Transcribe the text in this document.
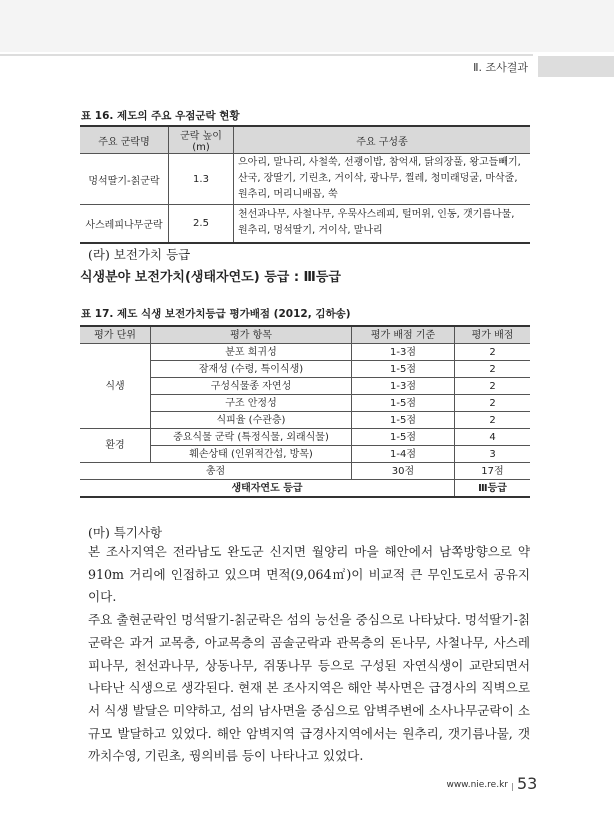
Ⅱ. 조사결과
표 16. 제도의 주요 우점군락 현황
주요 군락명	군락 높이(m)	주요 구성종
멍석딸기-칡군락	1.3	으아리, 말나리, 사철쑥, 선괭이밥, 참억새, 닭의장풀, 왕고들빼기, 산국, 장딸기, 기린초, 거이삭, 광나무, 찔레, 청미래덩굴, 마삭줄, 원추리, 머리니배꼽, 쑥
사스레피나무군락	2.5	천선과나무, 사철나무, 우묵사스레피, 털머위, 인동, 갯기름나물, 원추리, 멍석딸기, 거이삭, 말나리
(라) 보전가치 등급
식생분야 보전가치(생태자연도) 등급 : Ⅲ등급
표 17. 제도 식생 보전가치등급 평가배점 (2012, 김하송)
평가 단위	평가 항목	평가 배점 기준	평가 배점
식생	분포 희귀성	1-3점	2
	잠재성 (수령, 특이식생)	1-5점	2
	구성식물종 자연성	1-3점	2
	구조 안정성	1-5점	2
	식피율 (수관층)	1-5점	2
환경	중요식물 군락 (특정식물, 외래식물)	1-5점	4
	훼손상태 (인위적간섭, 방목)	1-4점	3
총점		30점	17점
생태자연도 등급			Ⅲ등급
(마) 특기사항

본 조사지역은 전라남도 완도군 신지면 월양리 마을 해안에서 남쪽방향으로 약 910m 거리에 인접하고 있으며 면적(9,064㎡)이 비교적 큰 무인도로서 공유지이다.

주요 출현군락인 멍석딸기-칡군락은 섬의 능선을 중심으로 나타났다. 멍석딸기-칡군락은 과거 교목층, 아교목층의 곰솔군락과 관목층의 돈나무, 사철나무, 사스레피나무, 천선과나무, 상동나무, 쥐똥나무 등으로 구성된 자연식생이 교란되면서 나타난 식생으로 생각된다. 현재 본 조사지역은 해안 북사면은 급경사의 직벽으로서 식생 발달은 미약하고, 섬의 남사면을 중심으로 암벽주변에 소사나무군락이 소규모 발달하고 있었다. 해안 암벽지역 급경사지역에서는 원추리, 갯기름나물, 갯까치수영, 기린초, 꿩의비름 등이 나타나고 있었다.

www.nie.re.kr 53
